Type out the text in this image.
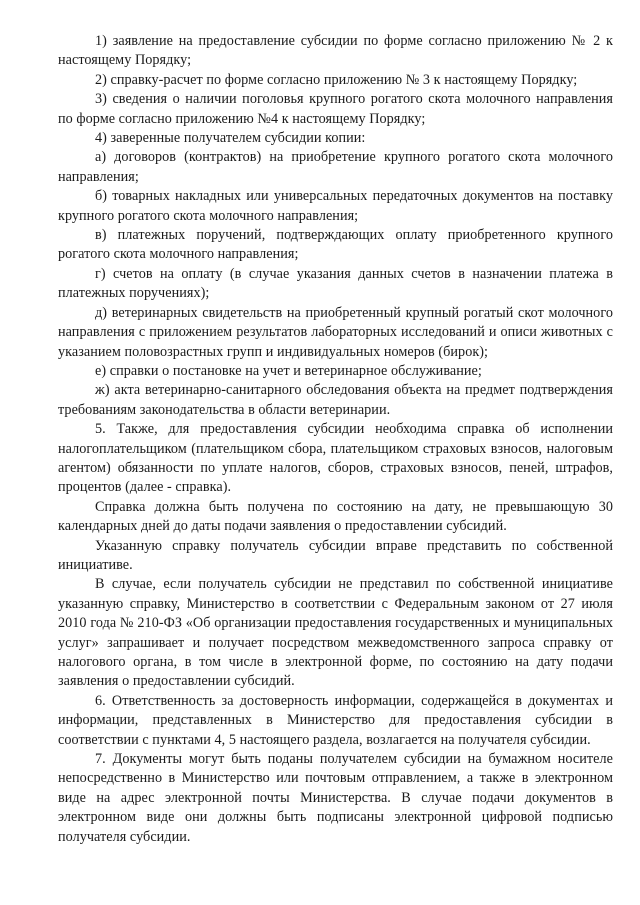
1) заявление на предоставление субсидии по форме согласно приложению № 2 к настоящему Порядку;

2) справку-расчет по форме согласно приложению № 3 к настоящему Порядку;

3) сведения о наличии поголовья крупного рогатого скота молочного направления по форме согласно приложению №4 к настоящему Порядку;

4) заверенные получателем субсидии копии:

а) договоров (контрактов) на приобретение крупного рогатого скота молочного направления;

б) товарных накладных или универсальных передаточных документов на поставку крупного рогатого скота молочного направления;

в) платежных поручений, подтверждающих оплату приобретенного крупного рогатого скота молочного направления;

г) счетов на оплату (в случае указания данных счетов в назначении платежа в платежных поручениях);

д) ветеринарных свидетельств на приобретенный крупный рогатый скот молочного направления с приложением результатов лабораторных исследований и описи животных с указанием половозрастных групп и индивидуальных номеров (бирок);

е) справки о постановке на учет и ветеринарное обслуживание;

ж) акта ветеринарно-санитарного обследования объекта на предмет подтверждения требованиям законодательства в области ветеринарии.

5. Также, для предоставления субсидии необходима справка об исполнении налогоплательщиком (плательщиком сбора, плательщиком страховых взносов, налоговым агентом) обязанности по уплате налогов, сборов, страховых взносов, пеней, штрафов, процентов (далее - справка).

Справка должна быть получена по состоянию на дату, не превышающую 30 календарных дней до даты подачи заявления о предоставлении субсидий.

Указанную справку получатель субсидии вправе представить по собственной инициативе.

В случае, если получатель субсидии не представил по собственной инициативе указанную справку, Министерство в соответствии с Федеральным законом от 27 июля 2010 года № 210-ФЗ «Об организации предоставления государственных и муниципальных услуг» запрашивает и получает посредством межведомственного запроса справку от налогового органа, в том числе в электронной форме, по состоянию на дату подачи заявления о предоставлении субсидий.

6. Ответственность за достоверность информации, содержащейся в документах и информации, представленных в Министерство для предоставления субсидии в соответствии с пунктами 4, 5 настоящего раздела, возлагается на получателя субсидии.

7. Документы могут быть поданы получателем субсидии на бумажном носителе непосредственно в Министерство или почтовым отправлением, а также в электронном виде на адрес электронной почты Министерства. В случае подачи документов в электронном виде они должны быть подписаны электронной цифровой подписью получателя субсидии.
